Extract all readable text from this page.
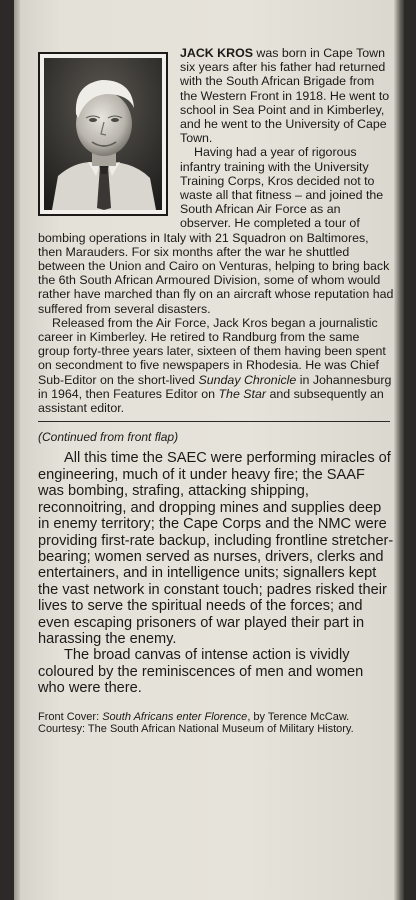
JACK KROS was born in Cape Town six years after his father had returned with the South African Brigade from the Western Front in 1918. He went to school in Sea Point and in Kimberley, and he went to the University of Cape Town.

Having had a year of rigorous infantry training with the University Training Corps, Kros decided not to waste all that fitness – and joined the South African Air Force as an observer. He completed a tour of bombing operations in Italy with 21 Squadron on Baltimores, then Marauders. For six months after the war he shuttled between the Union and Cairo on Venturas, helping to bring back the 6th South African Armoured Division, some of whom would rather have marched than fly on an aircraft whose reputation had suffered from several disasters.

Released from the Air Force, Jack Kros began a journalistic career in Kimberley. He retired to Randburg from the same group forty-three years later, sixteen of them having been spent on secondment to five newspapers in Rhodesia. He was Chief Sub-Editor on the short-lived Sunday Chronicle in Johannesburg in 1964, then Features Editor on The Star and subsequently an assistant editor.

(Continued from front flap)

All this time the SAEC were performing miracles of engineering, much of it under heavy fire; the SAAF was bombing, strafing, attacking shipping, reconnoitring, and dropping mines and supplies deep in enemy territory; the Cape Corps and the NMC were providing first-rate backup, including frontline stretcher-bearing; women served as nurses, drivers, clerks and entertainers, and in intelligence units; signallers kept the vast network in constant touch; padres risked their lives to serve the spiritual needs of the forces; and even escaping prisoners of war played their part in harassing the enemy.

The broad canvas of intense action is vividly coloured by the reminiscences of men and women who were there.

Front Cover: South Africans enter Florence, by Terence McCaw.

Courtesy: The South African National Museum of Military History.
